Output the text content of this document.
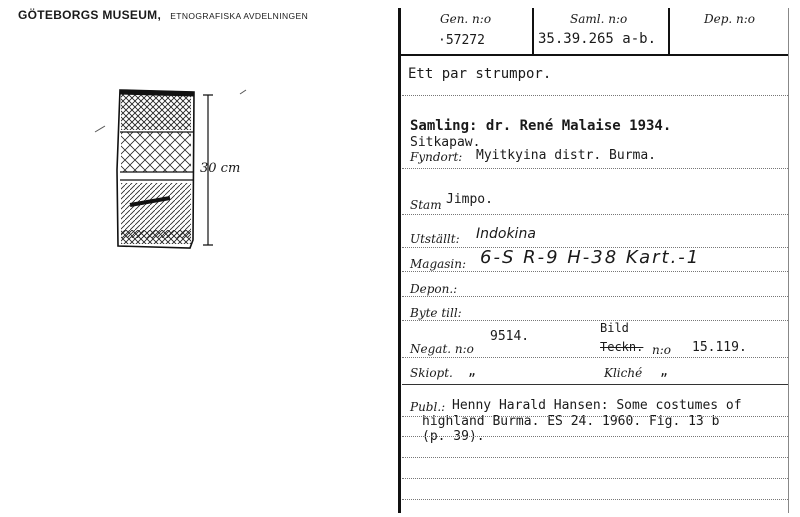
GÖTEBORGS MUSEUM, ETNOGRAFISKA AVDELNINGEN
30 cm
Gen. n:o
·57272
Saml. n:o
35.39.265 a-b.
Dep. n:o
Ett par strumpor.
Samling: dr. René Malaise 1934.
Sitkapaw.
Fyndort: Myitkyina distr. Burma.
Stam Jimpo.
Utställt: Indokina
Magasin: 6-S R-9 H-38 Kart.-1
Depon.:
Byte till:
Negat. n:o
9514.
Bild
Teckn. n:o 15.119.
Skiopt. „	Kliché „
Publ.: Henny Harald Hansen: Some costumes of
highland Burma. ES 24. 1960. Fig. 13 b
(p. 39).
